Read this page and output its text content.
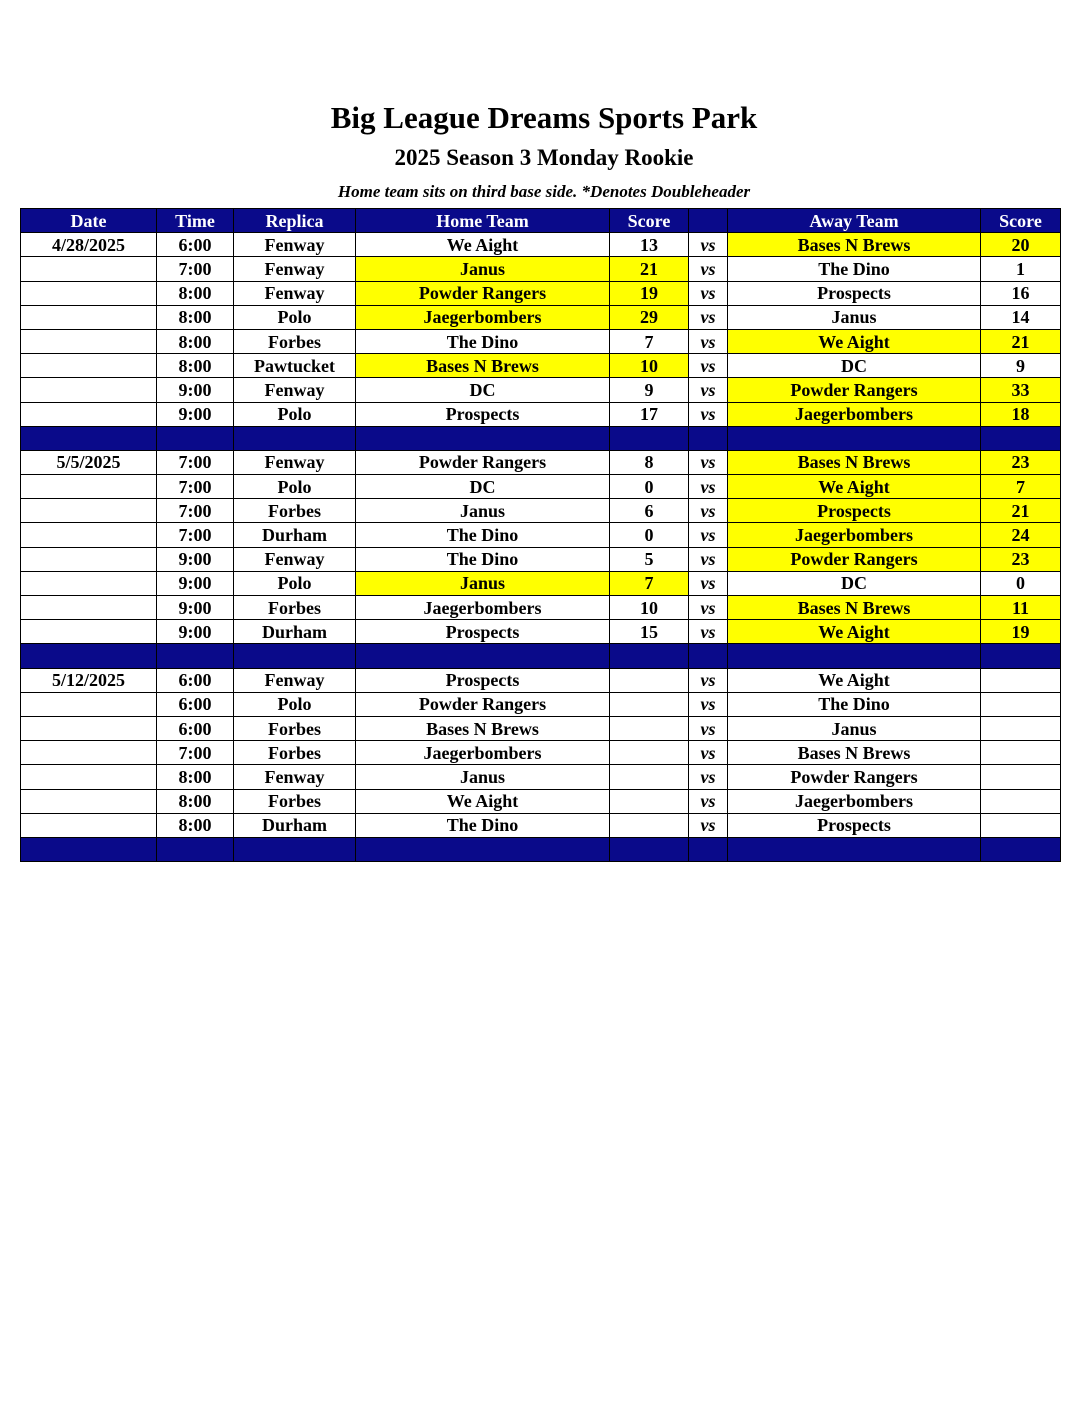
Big League Dreams Sports Park
2025 Season 3 Monday Rookie
Home team sits on third base side. *Denotes Doubleheader
Date	Time	Replica	Home Team	Score		Away Team	Score
4/28/2025	6:00	Fenway	We Aight	13	vs	Bases N Brews	20
	7:00	Fenway	Janus	21	vs	The Dino	1
	8:00	Fenway	Powder Rangers	19	vs	Prospects	16
	8:00	Polo	Jaegerbombers	29	vs	Janus	14
	8:00	Forbes	The Dino	7	vs	We Aight	21
	8:00	Pawtucket	Bases N Brews	10	vs	DC	9
	9:00	Fenway	DC	9	vs	Powder Rangers	33
	9:00	Polo	Prospects	17	vs	Jaegerbombers	18

5/5/2025	7:00	Fenway	Powder Rangers	8	vs	Bases N Brews	23
	7:00	Polo	DC	0	vs	We Aight	7
	7:00	Forbes	Janus	6	vs	Prospects	21
	7:00	Durham	The Dino	0	vs	Jaegerbombers	24
	9:00	Fenway	The Dino	5	vs	Powder Rangers	23
	9:00	Polo	Janus	7	vs	DC	0
	9:00	Forbes	Jaegerbombers	10	vs	Bases N Brews	11
	9:00	Durham	Prospects	15	vs	We Aight	19

5/12/2025	6:00	Fenway	Prospects		vs	We Aight	
	6:00	Polo	Powder Rangers		vs	The Dino	
	6:00	Forbes	Bases N Brews		vs	Janus	
	7:00	Forbes	Jaegerbombers		vs	Bases N Brews	
	8:00	Fenway	Janus		vs	Powder Rangers	
	8:00	Forbes	We Aight		vs	Jaegerbombers	
	8:00	Durham	The Dino		vs	Prospects	
